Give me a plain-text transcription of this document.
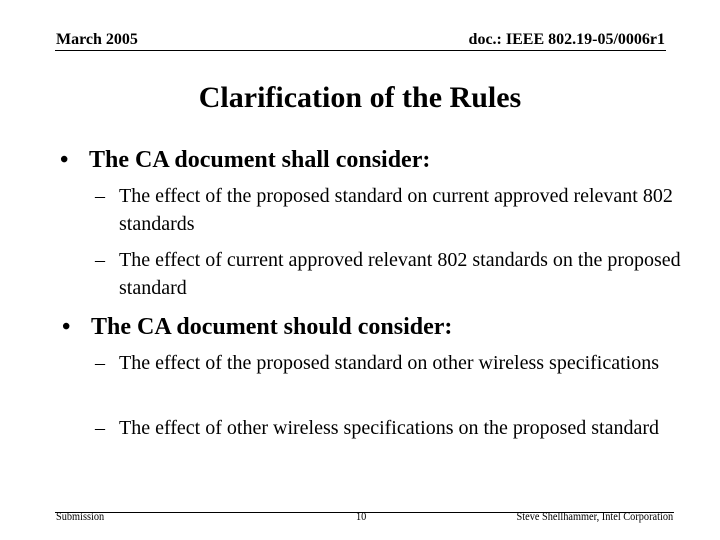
March 2005	doc.: IEEE 802.19-05/0006r1
Clarification of the Rules
• The CA document shall consider:
– The effect of the proposed standard on current approved relevant 802 standards
– The effect of current approved relevant 802 standards on the proposed standard
• The CA document should consider:
– The effect of the proposed standard on other wireless specifications
– The effect of other wireless specifications on the proposed standard
Submission	10	Steve Shellhammer, Intel Corporation
